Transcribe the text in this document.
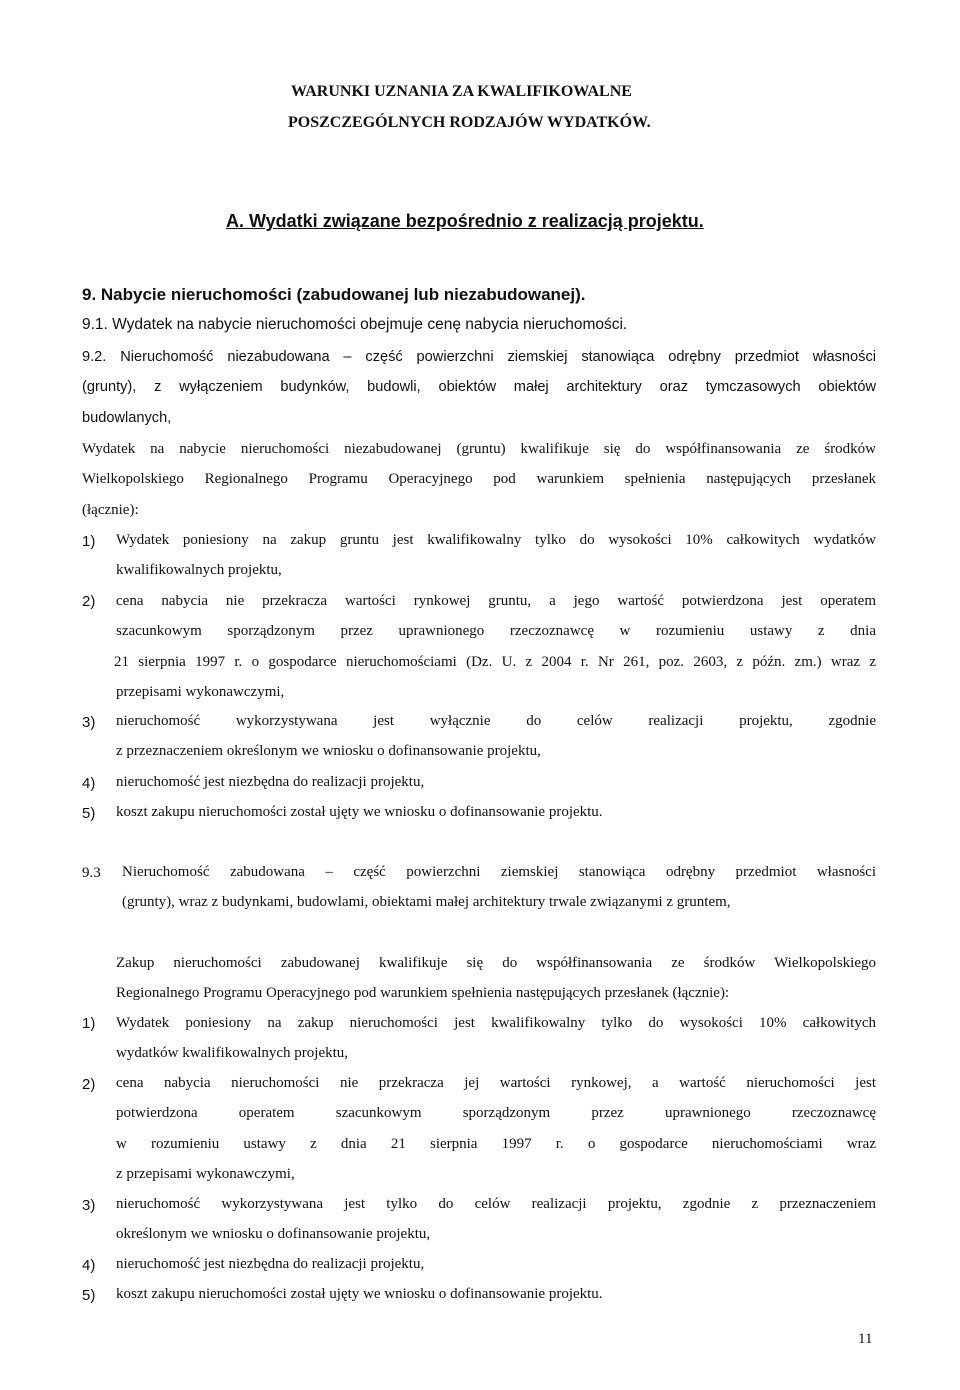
WARUNKI UZNANIA ZA KWALIFIKOWALNE
POSZCZEGÓLNYCH RODZAJÓW WYDATKÓW.
A. Wydatki związane bezpośrednio z realizacją projektu.
9. Nabycie nieruchomości (zabudowanej lub niezabudowanej).
9.1. Wydatek na nabycie nieruchomości obejmuje cenę nabycia nieruchomości.
9.2. Nieruchomość niezabudowana – część powierzchni ziemskiej stanowiąca odrębny przedmiot własności
(grunty), z wyłączeniem budynków, budowli, obiektów małej architektury oraz tymczasowych obiektów
budowlanych,
Wydatek na nabycie nieruchomości niezabudowanej (gruntu) kwalifikuje się do współfinansowania ze środków
Wielkopolskiego Regionalnego Programu Operacyjnego pod warunkiem spełnienia następujących przesłanek
(łącznie):
1) Wydatek poniesiony na zakup gruntu jest kwalifikowalny tylko do wysokości 10% całkowitych wydatków
kwalifikowalnych projektu,
2) cena nabycia nie przekracza wartości rynkowej gruntu, a jego wartość potwierdzona jest operatem
szacunkowym sporządzonym przez uprawnionego rzeczoznawcę w rozumieniu ustawy z dnia
21 sierpnia 1997 r. o gospodarce nieruchomościami (Dz. U. z 2004 r. Nr 261, poz. 2603, z późn. zm.) wraz z
przepisami wykonawczymi,
3) nieruchomość wykorzystywana jest wyłącznie do celów realizacji projektu, zgodnie
z przeznaczeniem określonym we wniosku o dofinansowanie projektu,
4) nieruchomość jest niezbędna do realizacji projektu,
5) koszt zakupu nieruchomości został ujęty we wniosku o dofinansowanie projektu.
9.3 Nieruchomość zabudowana – część powierzchni ziemskiej stanowiąca odrębny przedmiot własności
(grunty), wraz z budynkami, budowlami, obiektami małej architektury trwale związanymi z gruntem,
Zakup nieruchomości zabudowanej kwalifikuje się do współfinansowania ze środków Wielkopolskiego
Regionalnego Programu Operacyjnego pod warunkiem spełnienia następujących przesłanek (łącznie):
1) Wydatek poniesiony na zakup nieruchomości jest kwalifikowalny tylko do wysokości 10% całkowitych
wydatków kwalifikowalnych projektu,
2) cena nabycia nieruchomości nie przekracza jej wartości rynkowej, a wartość nieruchomości jest
potwierdzona operatem szacunkowym sporządzonym przez uprawnionego rzeczoznawcę
w rozumieniu ustawy z dnia 21 sierpnia 1997 r. o gospodarce nieruchomościami wraz
z przepisami wykonawczymi,
3) nieruchomość wykorzystywana jest tylko do celów realizacji projektu, zgodnie z przeznaczeniem
określonym we wniosku o dofinansowanie projektu,
4) nieruchomość jest niezbędna do realizacji projektu,
5) koszt zakupu nieruchomości został ujęty we wniosku o dofinansowanie projektu.
11
